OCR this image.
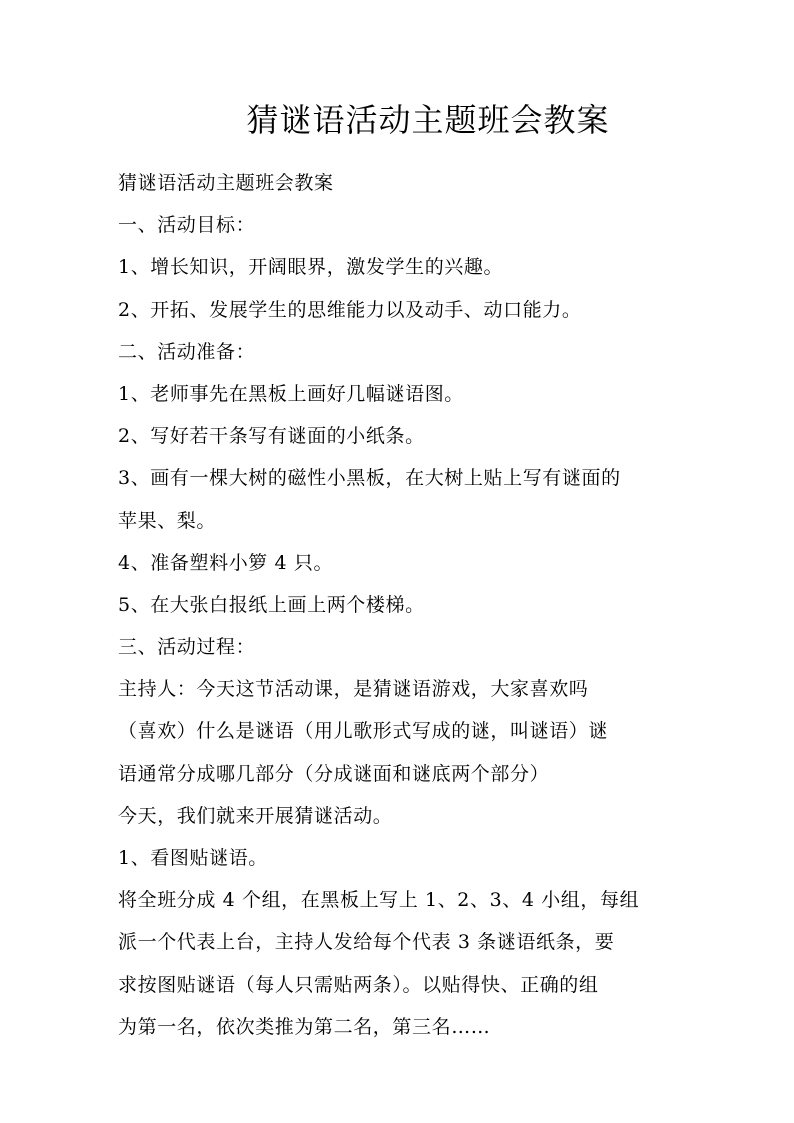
猜谜语活动主题班会教案
猜谜语活动主题班会教案
一、活动目标：
1、增长知识，开阔眼界，激发学生的兴趣。
2、开拓、发展学生的思维能力以及动手、动口能力。
二、活动准备：
1、老师事先在黑板上画好几幅谜语图。
2、写好若干条写有谜面的小纸条。
3、画有一棵大树的磁性小黑板，在大树上贴上写有谜面的
苹果、梨。
4、准备塑料小箩 4 只。
5、在大张白报纸上画上两个楼梯。
三、活动过程：
主持人：今天这节活动课，是猜谜语游戏，大家喜欢吗
（喜欢）什么是谜语（用儿歌形式写成的谜，叫谜语）谜
语通常分成哪几部分（分成谜面和谜底两个部分）
今天，我们就来开展猜谜活动。
1、看图贴谜语。
将全班分成 4 个组，在黑板上写上 1、2、3、4 小组，每组
派一个代表上台，主持人发给每个代表 3 条谜语纸条，要
求按图贴谜语（每人只需贴两条）。以贴得快、正确的组
为第一名，依次类推为第二名，第三名……
